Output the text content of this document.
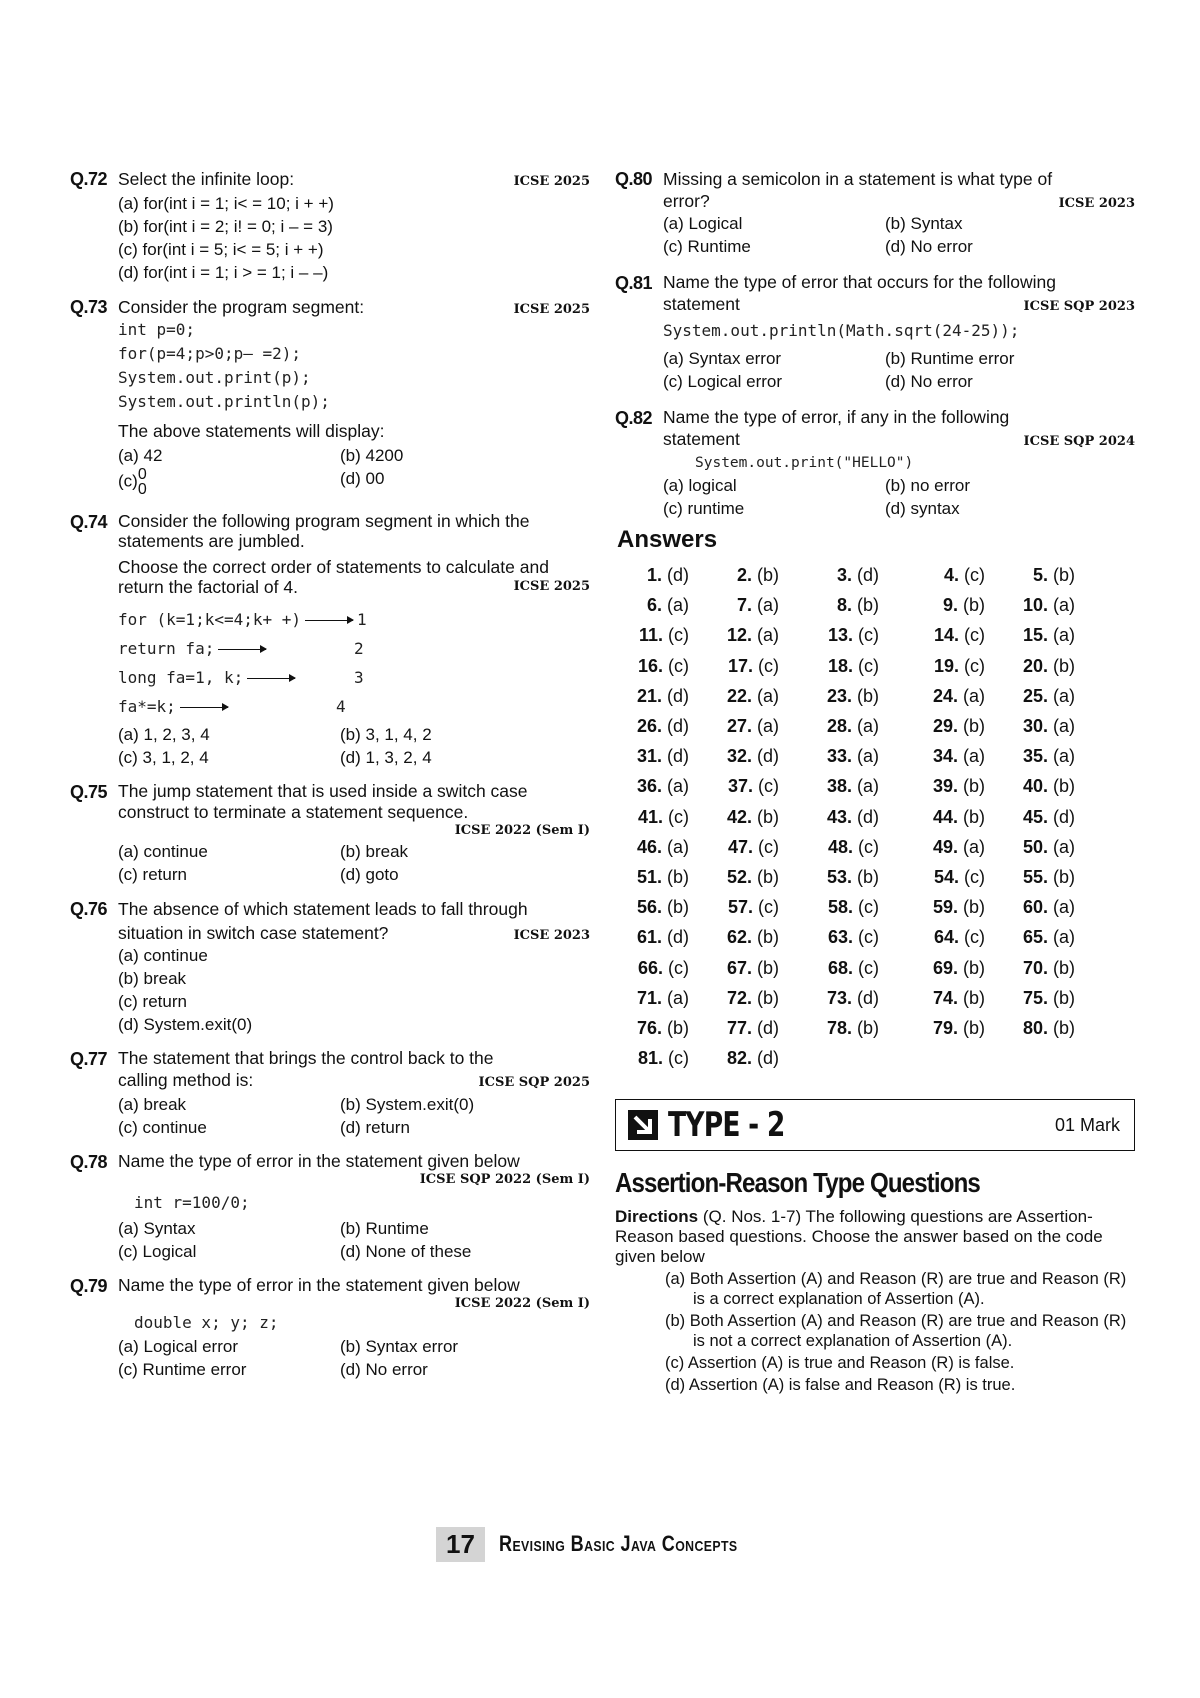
Q.72 Select the infinite loop:	ICSE 2025
(a) for(int i = 1; i< = 10; i + +)
(b) for(int i = 2; i! = 0; i – = 3)
(c) for(int i = 5; i< = 5; i + +)
(d) for(int i = 1; i > = 1; i – –)
Q.73 Consider the program segment:	ICSE 2025
int p=0;
for(p=4;p>0;p– =2);
System.out.print(p);
System.out.println(p);
The above statements will display:
(a) 42	(b) 4200
(c)0
0
(d) 00
Q.74 Consider the following program segment in which the statements are jumbled.
Choose the correct order of statements to calculate and return the factorial of 4.	ICSE 2025
for (k=1;k<=4;k+ +)	1
return fa;	2
long fa=1, k;	3
fa*=k;	4
(a) 1, 2, 3, 4	(b) 3, 1, 4, 2
(c) 3, 1, 2, 4	(d) 1, 3, 2, 4
Q.75 The jump statement that is used inside a switch case construct to terminate a statement sequence.
ICSE 2022 (Sem I)
(a) continue	(b) break
(c) return	(d) goto
Q.76 The absence of which statement leads to fall through
situation in switch case statement?	ICSE 2023
(a) continue
(b) break
(c) return
(d) System.exit(0)
Q.77 The statement that brings the control back to the
calling method is:	ICSE SQP 2025
(a) break	(b) System.exit(0)
(c) continue	(d) return
Q.78 Name the type of error in the statement given below
ICSE SQP 2022 (Sem I)
int r=100/0;
(a) Syntax	(b) Runtime
(c) Logical	(d) None of these
Q.79 Name the type of error in the statement given below
ICSE 2022 (Sem I)
double x; y; z;
(a) Logical error	(b) Syntax error
(c) Runtime error	(d) No error
Q.80 Missing a semicolon in a statement is what type of
error?	ICSE 2023
(a) Logical	(b) Syntax
(c) Runtime	(d) No error
Q.81 Name the type of error that occurs for the following
statement	ICSE SQP 2023
System.out.println(Math.sqrt(24-25));
(a) Syntax error	(b) Runtime error
(c) Logical error	(d) No error
Q.82 Name the type of error, if any in the following
statement	ICSE SQP 2024
System.out.print("HELLO")
(a) logical	(b) no error
(c) runtime	(d) syntax
Answers
1. (d)	2. (b)	3. (d)	4. (c)	5. (b)
6. (a)	7. (a)	8. (b)	9. (b)	10. (a)
11. (c)	12. (a)	13. (c)	14. (c)	15. (a)
16. (c)	17. (c)	18. (c)	19. (c)	20. (b)
21. (d)	22. (a)	23. (b)	24. (a)	25. (a)
26. (d)	27. (a)	28. (a)	29. (b)	30. (a)
31. (d)	32. (d)	33. (a)	34. (a)	35. (a)
36. (a)	37. (c)	38. (a)	39. (b)	40. (b)
41. (c)	42. (b)	43. (d)	44. (b)	45. (d)
46. (a)	47. (c)	48. (c)	49. (a)	50. (a)
51. (b)	52. (b)	53. (b)	54. (c)	55. (b)
56. (b)	57. (c)	58. (c)	59. (b)	60. (a)
61. (d)	62. (b)	63. (c)	64. (c)	65. (a)
66. (c)	67. (b)	68. (c)	69. (b)	70. (b)
71. (a)	72. (b)	73. (d)	74. (b)	75. (b)
76. (b)	77. (d)	78. (b)	79. (b)	80. (b)
81. (c)	82. (d)
TYPE - 2	01 Mark
Assertion-Reason Type Questions
Directions (Q. Nos. 1-7) The following questions are Assertion-Reason based questions. Choose the answer based on the code given below
(a) Both Assertion (A) and Reason (R) are true and Reason (R) is a correct explanation of Assertion (A).
(b) Both Assertion (A) and Reason (R) are true and Reason (R) is not a correct explanation of Assertion (A).
(c) Assertion (A) is true and Reason (R) is false.
(d) Assertion (A) is false and Reason (R) is true.
17	Revising Basic Java Concepts
